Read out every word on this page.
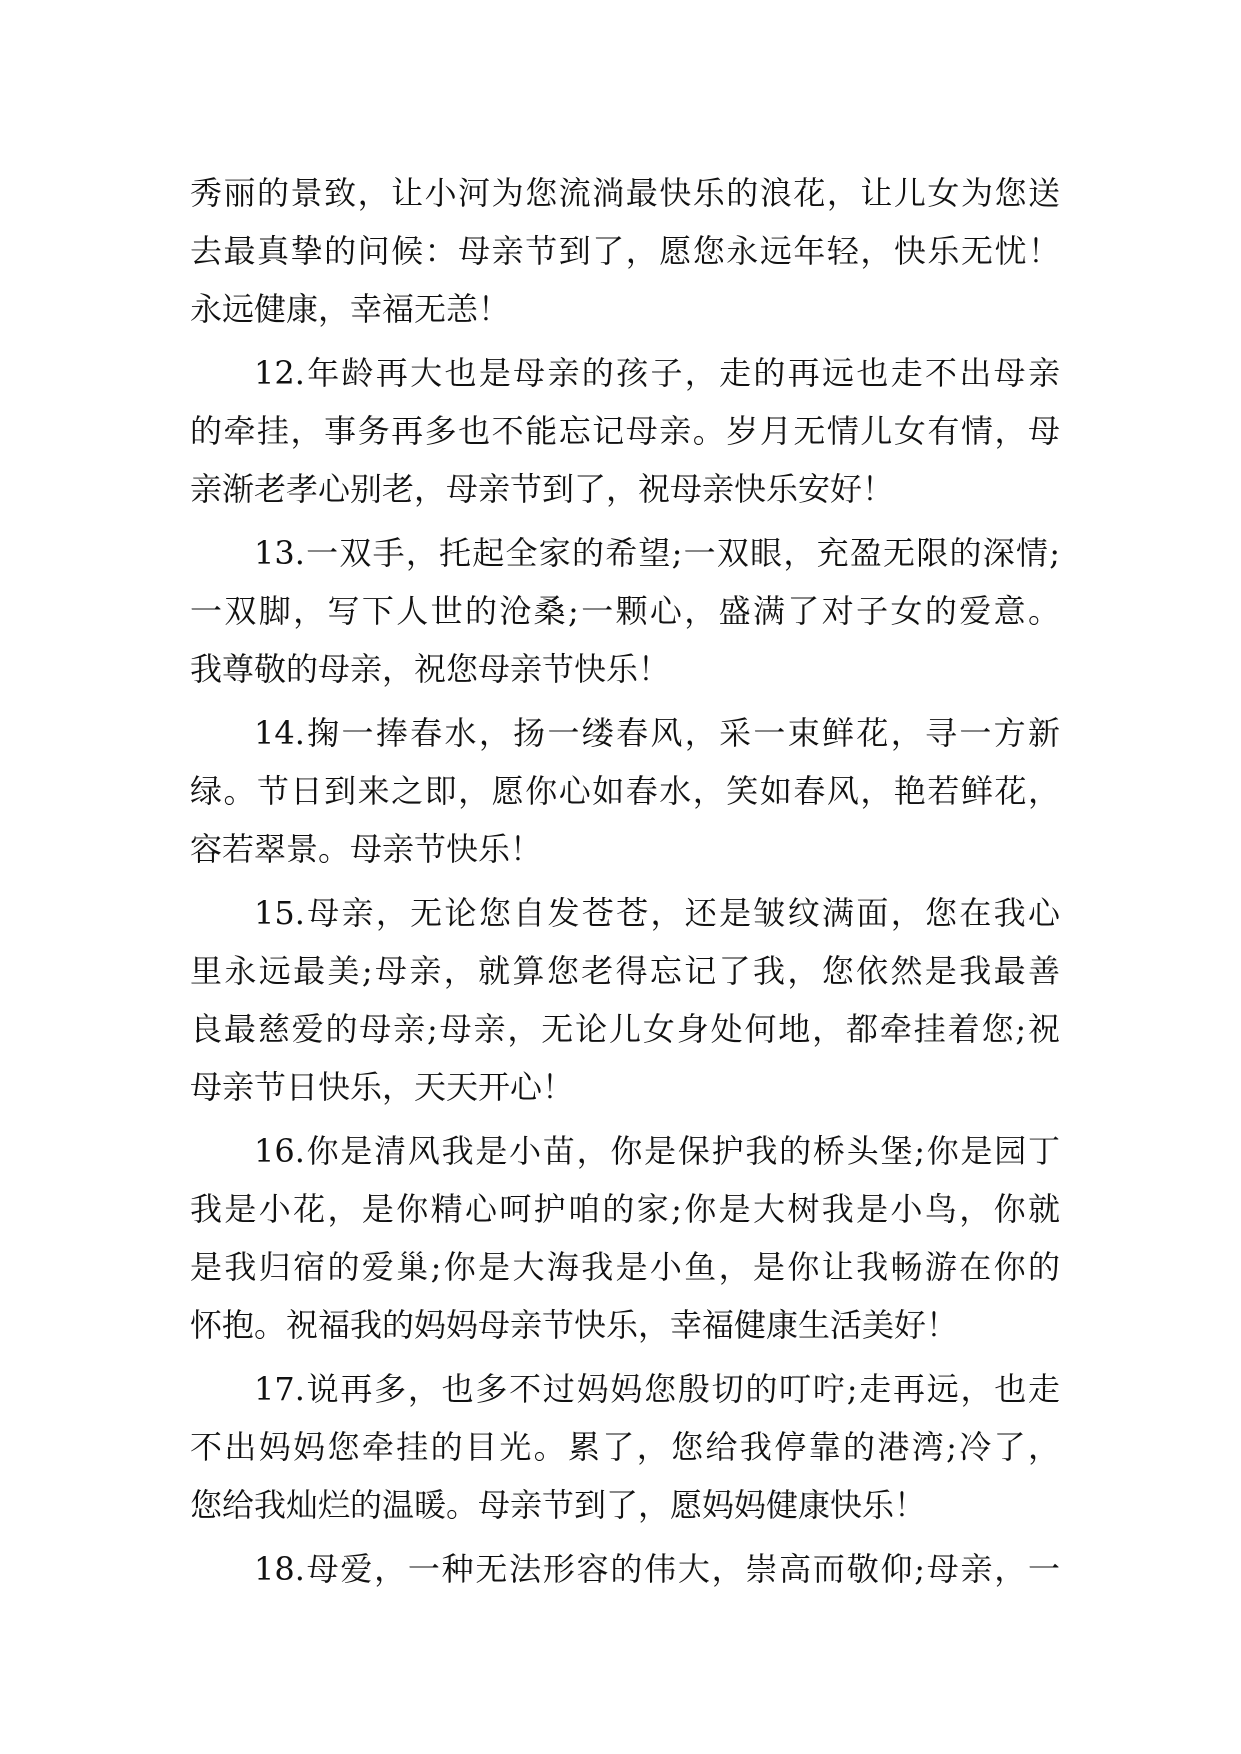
秀丽的景致，让小河为您流淌最快乐的浪花，让儿女为您送
去最真挚的问候：母亲节到了，愿您永远年轻，快乐无忧！
永远健康，幸福无恙！
12.年龄再大也是母亲的孩子，走的再远也走不出母亲
的牵挂，事务再多也不能忘记母亲。岁月无情儿女有情，母
亲渐老孝心别老，母亲节到了，祝母亲快乐安好！
13.一双手，托起全家的希望;一双眼，充盈无限的深情;
一双脚，写下人世的沧桑;一颗心，盛满了对子女的爱意。
我尊敬的母亲，祝您母亲节快乐！
14.掬一捧春水，扬一缕春风，采一束鲜花，寻一方新
绿。节日到来之即，愿你心如春水，笑如春风，艳若鲜花，
容若翠景。母亲节快乐！
15.母亲，无论您自发苍苍，还是皱纹满面，您在我心
里永远最美;母亲，就算您老得忘记了我，您依然是我最善
良最慈爱的母亲;母亲，无论儿女身处何地，都牵挂着您;祝
母亲节日快乐，天天开心！
16.你是清风我是小苗，你是保护我的桥头堡;你是园丁
我是小花，是你精心呵护咱的家;你是大树我是小鸟，你就
是我归宿的爱巢;你是大海我是小鱼，是你让我畅游在你的
怀抱。祝福我的妈妈母亲节快乐，幸福健康生活美好！
17.说再多，也多不过妈妈您殷切的叮咛;走再远，也走
不出妈妈您牵挂的目光。累了，您给我停靠的港湾;冷了，
您给我灿烂的温暖。母亲节到了，愿妈妈健康快乐！
18.母爱，一种无法形容的伟大，崇高而敬仰;母亲，一
